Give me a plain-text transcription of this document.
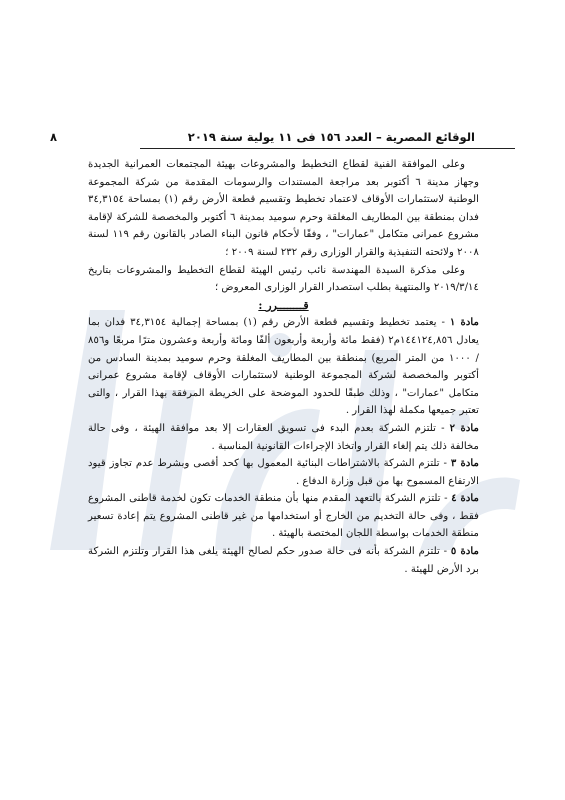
الوقائع المصرية – العدد ١٥٦ فى ١١ يولية سنة ٢٠١٩
٨

وعلى الموافقة الفنية لقطاع التخطيط والمشروعات بهيئة المجتمعات العمرانية الجديدة وجهاز مدينة ٦ أكتوبر بعد مراجعة المستندات والرسومات المقدمة من شركة المجموعة الوطنية لاستثمارات الأوقاف لاعتماد تخطيط وتقسيم قطعة الأرض رقم (١) بمساحة ٣٤,٣١٥٤ فدان بمنطقة بين المطاريف المغلقة وحرم سوميد بمدينة ٦ أكتوبر والمخصصة للشركة لإقامة مشروع عمرانى متكامل "عمارات" ، وفقًا لأحكام قانون البناء الصادر بالقانون رقم ١١٩ لسنة ٢٠٠٨ ولائحته التنفيذية والقرار الوزارى رقم ٢٣٢ لسنة ٢٠٠٩ ؛

وعلى مذكرة السيدة المهندسة نائب رئيس الهيئة لقطاع التخطيط والمشروعات بتاريخ ٢٠١٩/٣/١٤ والمنتهية بطلب استصدار القرار الوزارى المعروض ؛

قــــــــرر :

مادة ١ - يعتمد تخطيط وتقسيم قطعة الأرض رقم (١) بمساحة إجمالية ٣٤,٣١٥٤ فدان بما يعادل ١٤٤١٢٤,٨٥٦م٢ (فقط مائة وأربعة وأربعون ألفًا ومائة وأربعة وعشرون مترًا مربعًا و٨٥٦ / ١٠٠٠ من المتر المربع) بمنطقة بين المطاريف المغلقة وحرم سوميد بمدينة السادس من أكتوبر والمخصصة لشركة المجموعة الوطنية لاستثمارات الأوقاف لإقامة مشروع عمرانى متكامل "عمارات" ، وذلك طبقًا للحدود الموضحة على الخريطة المرفقة بهذا القرار ، والتى تعتبر جميعها مكملة لهذا القرار .

مادة ٢ - تلتزم الشركة بعدم البدء فى تسويق العقارات إلا بعد موافقة الهيئة ، وفى حالة مخالفة ذلك يتم إلغاء القرار واتخاذ الإجراءات القانونية المناسبة .

مادة ٣ - تلتزم الشركة بالاشتراطات البنائية المعمول بها كحد أقصى وبشرط عدم تجاوز قيود الارتفاع المسموح بها من قبل وزارة الدفاع .

مادة ٤ - تلتزم الشركة بالتعهد المقدم منها بأن منطقة الخدمات تكون لخدمة قاطنى المشروع فقط ، وفى حالة التخديم من الخارج أو استخدامها من غير قاطنى المشروع يتم إعادة تسعير منطقة الخدمات بواسطة اللجان المختصة بالهيئة .

مادة ٥ - تلتزم الشركة بأنه فى حالة صدور حكم لصالح الهيئة يلغى هذا القرار وتلتزم الشركة برد الأرض للهيئة .
